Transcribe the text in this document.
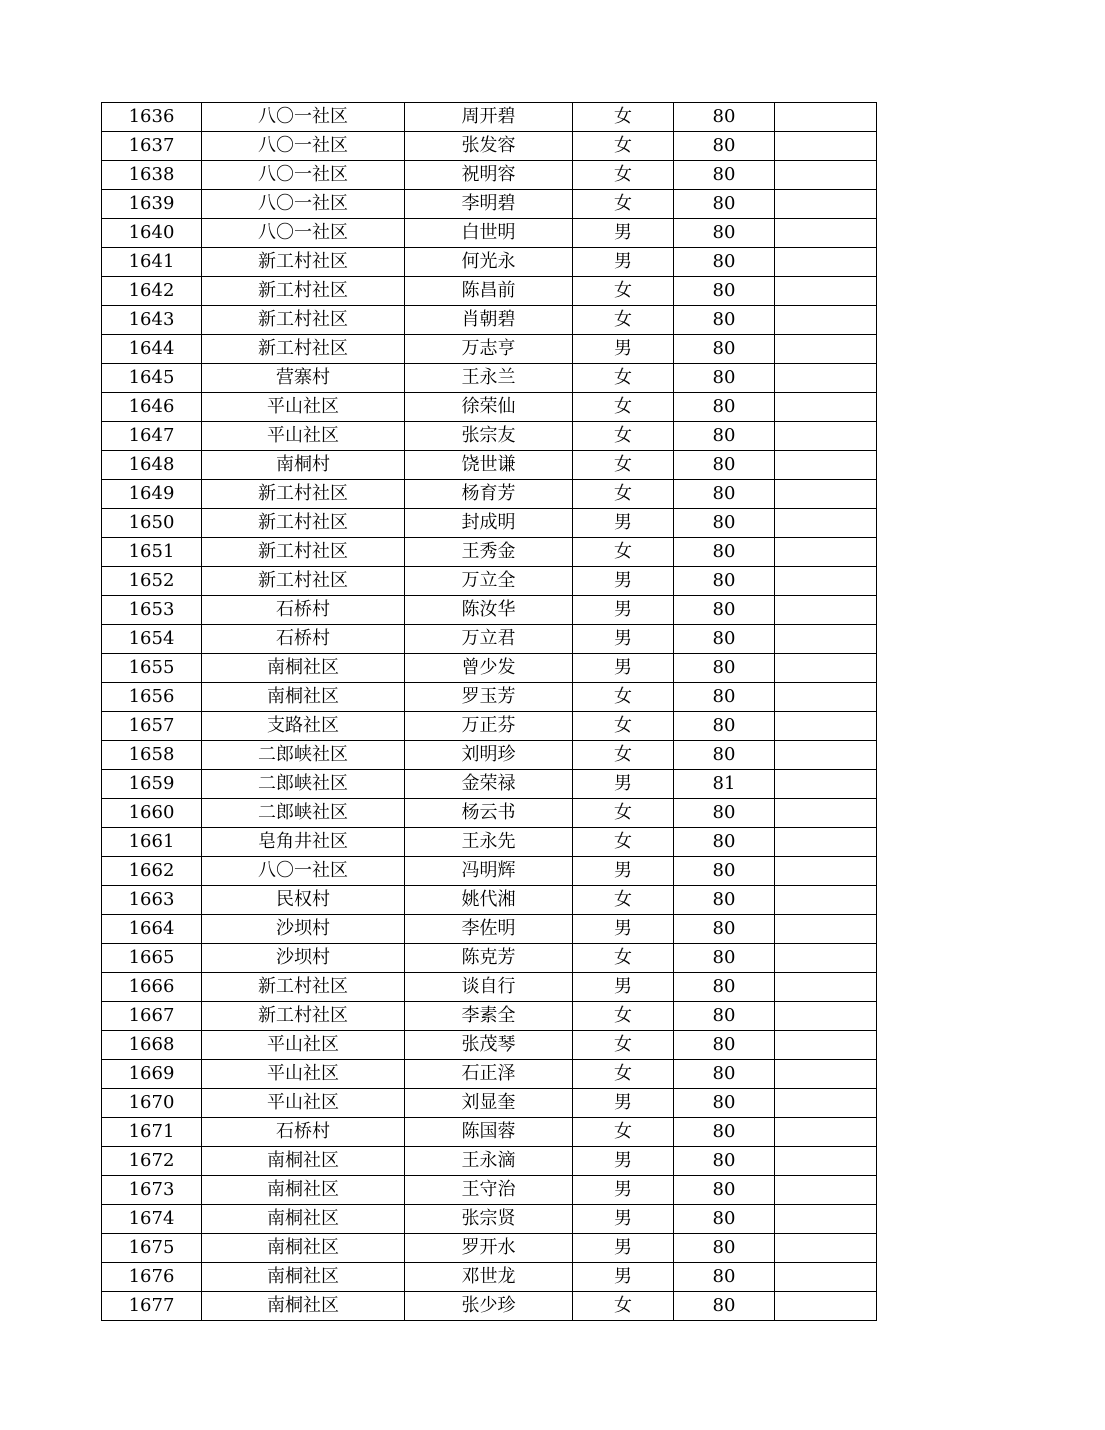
1636	八〇一社区	周开碧	女	80	
1637	八〇一社区	张发容	女	80	
1638	八〇一社区	祝明容	女	80	
1639	八〇一社区	李明碧	女	80	
1640	八〇一社区	白世明	男	80	
1641	新工村社区	何光永	男	80	
1642	新工村社区	陈昌前	女	80	
1643	新工村社区	肖朝碧	女	80	
1644	新工村社区	万志亨	男	80	
1645	营寨村	王永兰	女	80	
1646	平山社区	徐荣仙	女	80	
1647	平山社区	张宗友	女	80	
1648	南桐村	饶世谦	女	80	
1649	新工村社区	杨育芳	女	80	
1650	新工村社区	封成明	男	80	
1651	新工村社区	王秀金	女	80	
1652	新工村社区	万立全	男	80	
1653	石桥村	陈汝华	男	80	
1654	石桥村	万立君	男	80	
1655	南桐社区	曾少发	男	80	
1656	南桐社区	罗玉芳	女	80	
1657	支路社区	万正芬	女	80	
1658	二郎峡社区	刘明珍	女	80	
1659	二郎峡社区	金荣禄	男	81	
1660	二郎峡社区	杨云书	女	80	
1661	皂角井社区	王永先	女	80	
1662	八〇一社区	冯明辉	男	80	
1663	民权村	姚代湘	女	80	
1664	沙坝村	李佐明	男	80	
1665	沙坝村	陈克芳	女	80	
1666	新工村社区	谈自行	男	80	
1667	新工村社区	李素全	女	80	
1668	平山社区	张茂琴	女	80	
1669	平山社区	石正泽	女	80	
1670	平山社区	刘显奎	男	80	
1671	石桥村	陈国蓉	女	80	
1672	南桐社区	王永滴	男	80	
1673	南桐社区	王守治	男	80	
1674	南桐社区	张宗贤	男	80	
1675	南桐社区	罗开水	男	80	
1676	南桐社区	邓世龙	男	80	
1677	南桐社区	张少珍	女	80	
